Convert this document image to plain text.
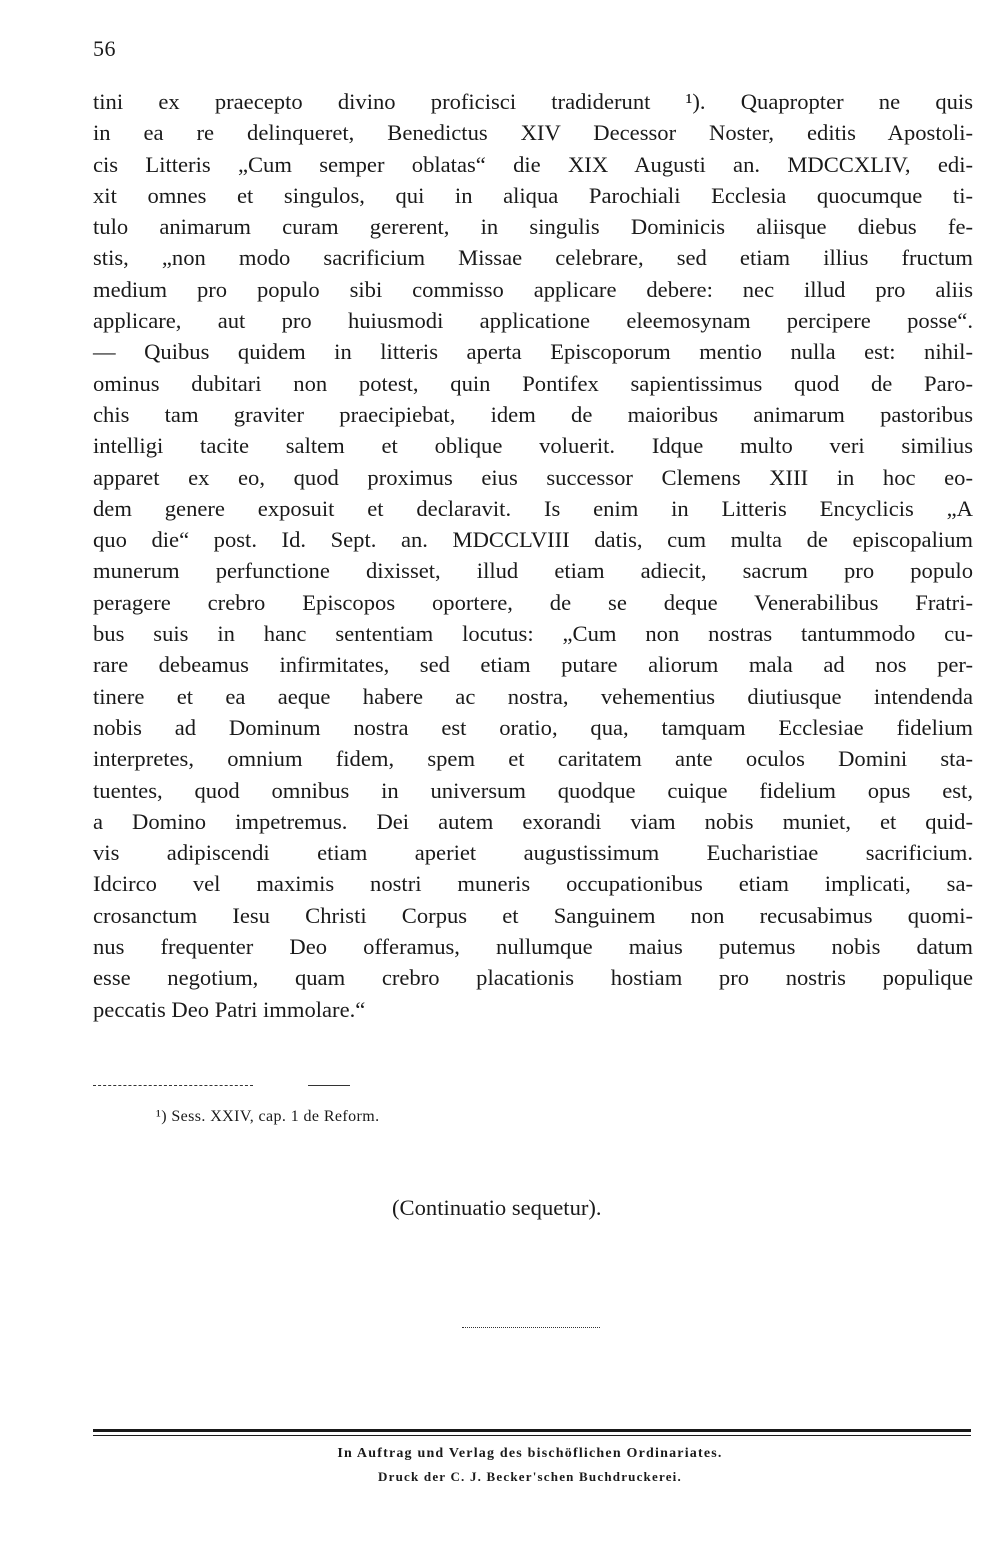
56
tini ex praecepto divino proficisci tradiderunt ¹). Quapropter ne quis
in ea re delinqueret, Benedictus XIV Decessor Noster, editis Apostoli-
cis Litteris „Cum semper oblatas“ die XIX Augusti an. MDCCXLIV, edi-
xit omnes et singulos, qui in aliqua Parochiali Ecclesia quocumque ti-
tulo animarum curam gererent, in singulis Dominicis aliisque diebus fe-
stis, „non modo sacrificium Missae celebrare, sed etiam illius fructum
medium pro populo sibi commisso applicare debere: nec illud pro aliis
applicare, aut pro huiusmodi applicatione eleemosynam percipere posse“.
— Quibus quidem in litteris aperta Episcoporum mentio nulla est: nihil-
ominus dubitari non potest, quin Pontifex sapientissimus quod de Paro-
chis tam graviter praecipiebat, idem de maioribus animarum pastoribus
intelligi tacite saltem et oblique voluerit. Idque multo veri similius
apparet ex eo, quod proximus eius successor Clemens XIII in hoc eo-
dem genere exposuit et declaravit. Is enim in Litteris Encyclicis „A
quo die“ post. Id. Sept. an. MDCCLVIII datis, cum multa de episcopalium
munerum perfunctione dixisset, illud etiam adiecit, sacrum pro populo
peragere crebro Episcopos oportere, de se deque Venerabilibus Fratri-
bus suis in hanc sententiam locutus: „Cum non nostras tantummodo cu-
rare debeamus infirmitates, sed etiam putare aliorum mala ad nos per-
tinere et ea aeque habere ac nostra, vehementius diutiusque intendenda
nobis ad Dominum nostra est oratio, qua, tamquam Ecclesiae fidelium
interpretes, omnium fidem, spem et caritatem ante oculos Domini sta-
tuentes, quod omnibus in universum quodque cuique fidelium opus est,
a Domino impetremus. Dei autem exorandi viam nobis muniet, et quid-
vis adipiscendi etiam aperiet augustissimum Eucharistiae sacrificium.
Idcirco vel maximis nostri muneris occupationibus etiam implicati, sa-
crosanctum Iesu Christi Corpus et Sanguinem non recusabimus quomi-
nus frequenter Deo offeramus, nullumque maius putemus nobis datum
esse negotium, quam crebro placationis hostiam pro nostris populique
peccatis Deo Patri immolare.“
¹) Sess. XXIV, cap. 1 de Reform.
(Continuatio sequetur).
In Auftrag und Verlag des bischöflichen Ordinariates.
Druck der C. J. Becker'schen Buchdruckerei.
